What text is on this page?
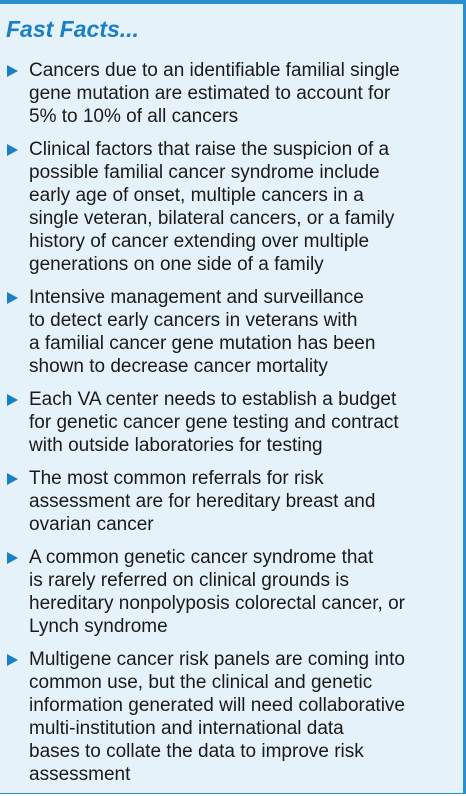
Fast Facts...
Cancers due to an identifiable familial single
gene mutation are estimated to account for
5% to 10% of all cancers
Clinical factors that raise the suspicion of a
possible familial cancer syndrome include
early age of onset, multiple cancers in a
single veteran, bilateral cancers, or a family
history of cancer extending over multiple
generations on one side of a family
Intensive management and surveillance
to detect early cancers in veterans with
a familial cancer gene mutation has been
shown to decrease cancer mortality
Each VA center needs to establish a budget
for genetic cancer gene testing and contract
with outside laboratories for testing
The most common referrals for risk
assessment are for hereditary breast and
ovarian cancer
A common genetic cancer syndrome that
is rarely referred on clinical grounds is
hereditary nonpolyposis colorectal cancer, or
Lynch syndrome
Multigene cancer risk panels are coming into
common use, but the clinical and genetic
information generated will need collaborative
multi-institution and international data
bases to collate the data to improve risk
assessment
